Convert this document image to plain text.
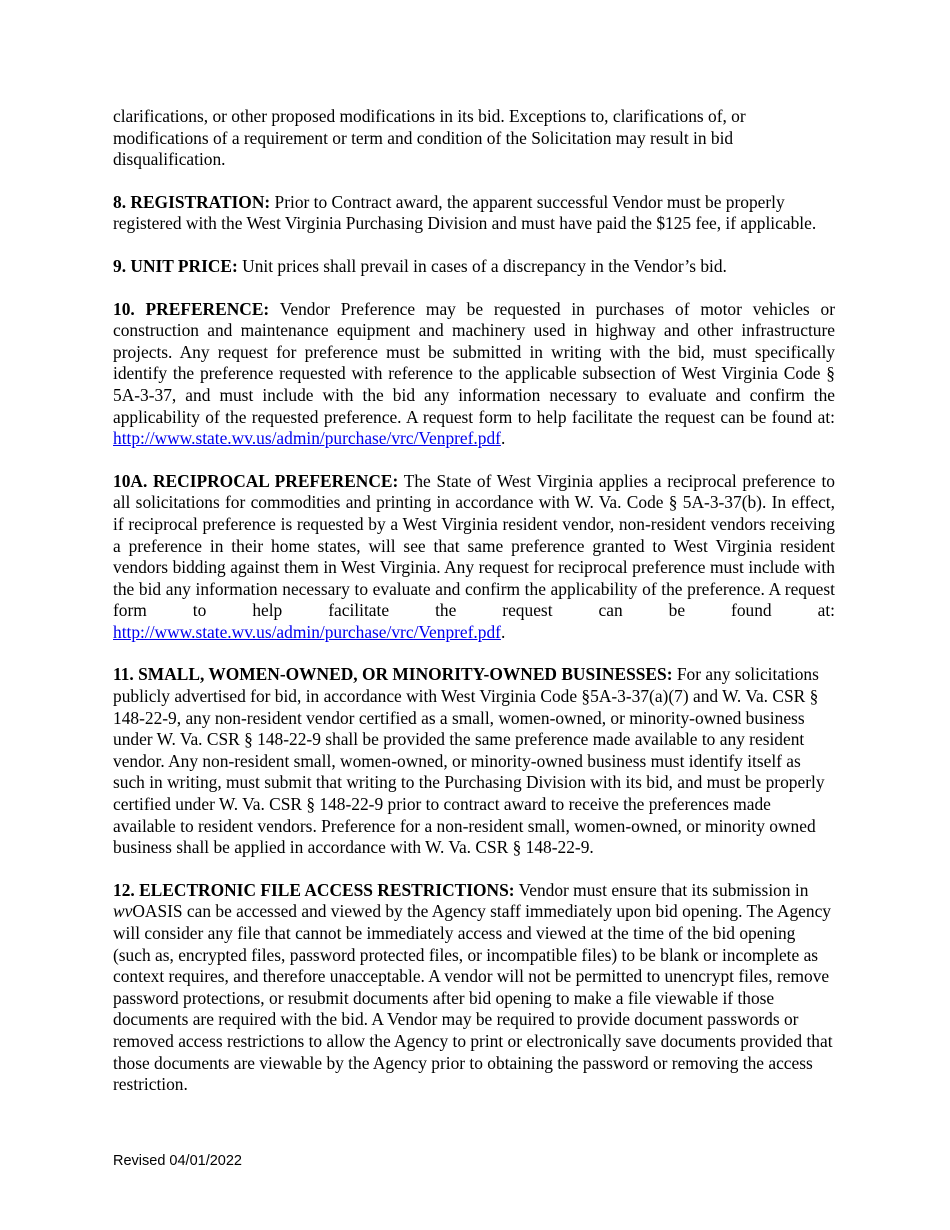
clarifications, or other proposed modifications in its bid. Exceptions to, clarifications of, or
modifications of a requirement or term and condition of the Solicitation may result in bid
disqualification.

8. REGISTRATION: Prior to Contract award, the apparent successful Vendor must be properly registered with the West Virginia Purchasing Division and must have paid the $125 fee, if applicable.

9. UNIT PRICE: Unit prices shall prevail in cases of a discrepancy in the Vendor’s bid.

10. PREFERENCE: Vendor Preference may be requested in purchases of motor vehicles or construction and maintenance equipment and machinery used in highway and other infrastructure projects. Any request for preference must be submitted in writing with the bid, must specifically identify the preference requested with reference to the applicable subsection of West Virginia Code § 5A-3-37, and must include with the bid any information necessary to evaluate and confirm the applicability of the requested preference. A request form to help facilitate the request can be found at: http://www.state.wv.us/admin/purchase/vrc/Venpref.pdf.

10A. RECIPROCAL PREFERENCE: The State of West Virginia applies a reciprocal preference to all solicitations for commodities and printing in accordance with W. Va. Code § 5A-3-37(b). In effect, if reciprocal preference is requested by a West Virginia resident vendor, non-resident vendors receiving a preference in their home states, will see that same preference granted to West Virginia resident vendors bidding against them in West Virginia. Any request for reciprocal preference must include with the bid any information necessary to evaluate and confirm the applicability of the preference. A request form to help facilitate the request can be found at: http://www.state.wv.us/admin/purchase/vrc/Venpref.pdf.

11. SMALL, WOMEN-OWNED, OR MINORITY-OWNED BUSINESSES: For any solicitations publicly advertised for bid, in accordance with West Virginia Code §5A-3-37(a)(7) and W. Va. CSR § 148-22-9, any non-resident vendor certified as a small, women-owned, or minority-owned business under W. Va. CSR § 148-22-9 shall be provided the same preference made available to any resident vendor. Any non-resident small, women-owned, or minority-owned business must identify itself as such in writing, must submit that writing to the Purchasing Division with its bid, and must be properly certified under W. Va. CSR § 148-22-9 prior to contract award to receive the preferences made available to resident vendors. Preference for a non-resident small, women-owned, or minority owned business shall be applied in accordance with W. Va. CSR § 148-22-9.

12. ELECTRONIC FILE ACCESS RESTRICTIONS: Vendor must ensure that its submission in wvOASIS can be accessed and viewed by the Agency staff immediately upon bid opening. The Agency will consider any file that cannot be immediately access and viewed at the time of the bid opening (such as, encrypted files, password protected files, or incompatible files) to be blank or incomplete as context requires, and therefore unacceptable. A vendor will not be permitted to unencrypt files, remove password protections, or resubmit documents after bid opening to make a file viewable if those documents are required with the bid. A Vendor may be required to provide document passwords or removed access restrictions to allow the Agency to print or electronically save documents provided that those documents are viewable by the Agency prior to obtaining the password or removing the access restriction.

Revised 04/01/2022
